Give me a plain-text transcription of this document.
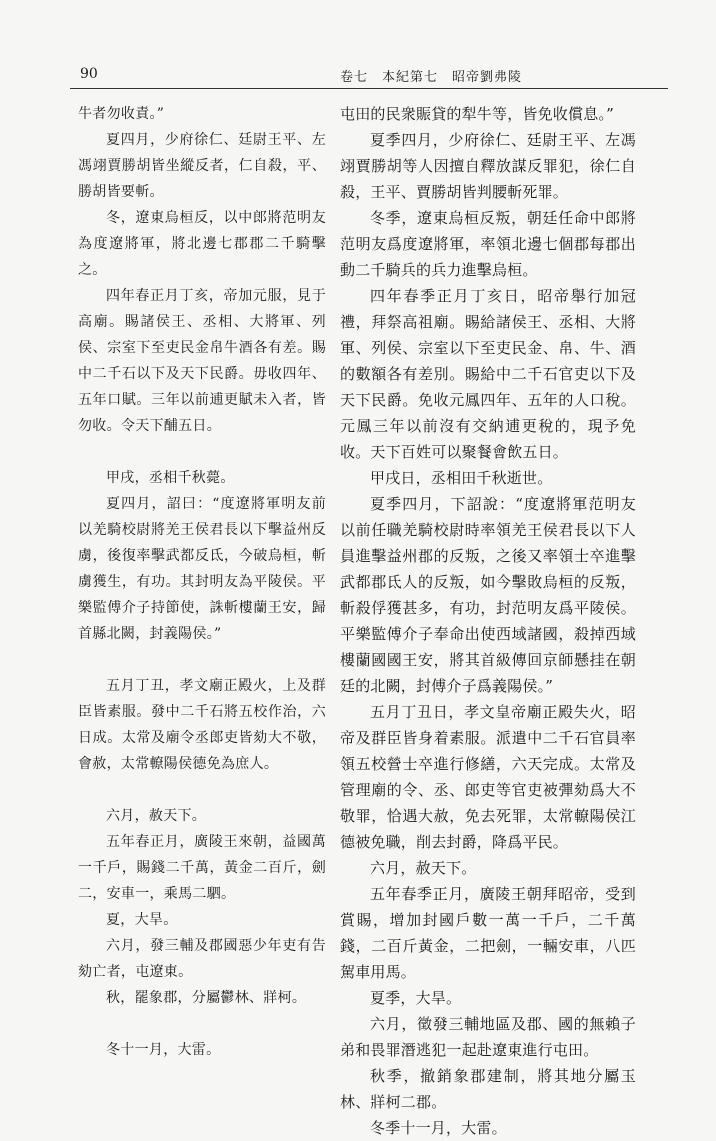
90	卷七　本紀第七　昭帝劉弗陵

牛者勿收責。”

夏四月，少府徐仁、廷尉王平、左馮翊賈勝胡皆坐縱反者，仁自殺，平、勝胡皆要斬。

冬，遼東烏桓反，以中郎將范明友為度遼將軍，將北邊七郡郡二千騎擊之。

四年春正月丁亥，帝加元服，見于高廟。賜諸侯王、丞相、大將軍、列侯、宗室下至吏民金帛牛酒各有差。賜中二千石以下及天下民爵。毋收四年、五年口賦。三年以前逋更賦未入者，皆勿收。令天下酺五日。

甲戌，丞相千秋薨。

夏四月，詔曰：“度遼將軍明友前以羌騎校尉將羌王侯君長以下擊益州反虜，後復率擊武都反氐，今破烏桓，斬虜獲生，有功。其封明友為平陵侯。平樂監傅介子持節使，誅斬樓蘭王安，歸首縣北闕，封義陽侯。”

五月丁丑，孝文廟正殿火，上及群臣皆素服。發中二千石將五校作治，六日成。太常及廟令丞郎吏皆劾大不敬，會赦，太常轑陽侯德免為庶人。

六月，赦天下。

五年春正月，廣陵王來朝，益國萬一千戶，賜錢二千萬，黃金二百斤，劍二，安車一，乘馬二駟。

夏，大旱。

六月，發三輔及郡國惡少年吏有告劾亡者，屯遼東。

秋，罷象郡，分屬鬱林、牂柯。

冬十一月，大雷。

屯田的民衆賑貸的犁牛等，皆免收償息。”

夏季四月，少府徐仁、廷尉王平、左馮翊賈勝胡等人因擅自釋放謀反罪犯，徐仁自殺，王平、賈勝胡皆判腰斬死罪。

冬季，遼東烏桓反叛，朝廷任命中郎將范明友爲度遼將軍，率領北邊七個郡每郡出動二千騎兵的兵力進擊烏桓。

四年春季正月丁亥日，昭帝舉行加冠禮，拜祭高祖廟。賜給諸侯王、丞相、大將軍、列侯、宗室以下至吏民金、帛、牛、酒的數額各有差別。賜給中二千石官吏以下及天下民爵。免收元鳳四年、五年的人口稅。元鳳三年以前沒有交納逋更稅的，現予免收。天下百姓可以聚餐會飲五日。

甲戌日，丞相田千秋逝世。

夏季四月，下詔說：“度遼將軍范明友以前任職羌騎校尉時率領羌王侯君長以下人員進擊益州郡的反叛，之後又率領士卒進擊武都郡氐人的反叛，如今擊敗烏桓的反叛，斬殺俘獲甚多，有功，封范明友爲平陵侯。平樂監傅介子奉命出使西域諸國，殺掉西域樓蘭國國王安，將其首級傳回京師懸挂在朝廷的北闕，封傅介子爲義陽侯。”

五月丁丑日，孝文皇帝廟正殿失火，昭帝及群臣皆身着素服。派遣中二千石官員率領五校營士卒進行修繕，六天完成。太常及管理廟的令、丞、郎吏等官吏被彈劾爲大不敬罪，恰遇大赦，免去死罪，太常轑陽侯江德被免職，削去封爵，降爲平民。

六月，赦天下。

五年春季正月，廣陵王朝拜昭帝，受到賞賜，增加封國戶數一萬一千戶，二千萬錢，二百斤黃金，二把劍，一輛安車，八匹駕車用馬。

夏季，大旱。

六月，徵發三輔地區及郡、國的無賴子弟和畏罪潛逃犯一起赴遼東進行屯田。

秋季，撤銷象郡建制，將其地分屬玉林、牂柯二郡。

冬季十一月，大雷。
